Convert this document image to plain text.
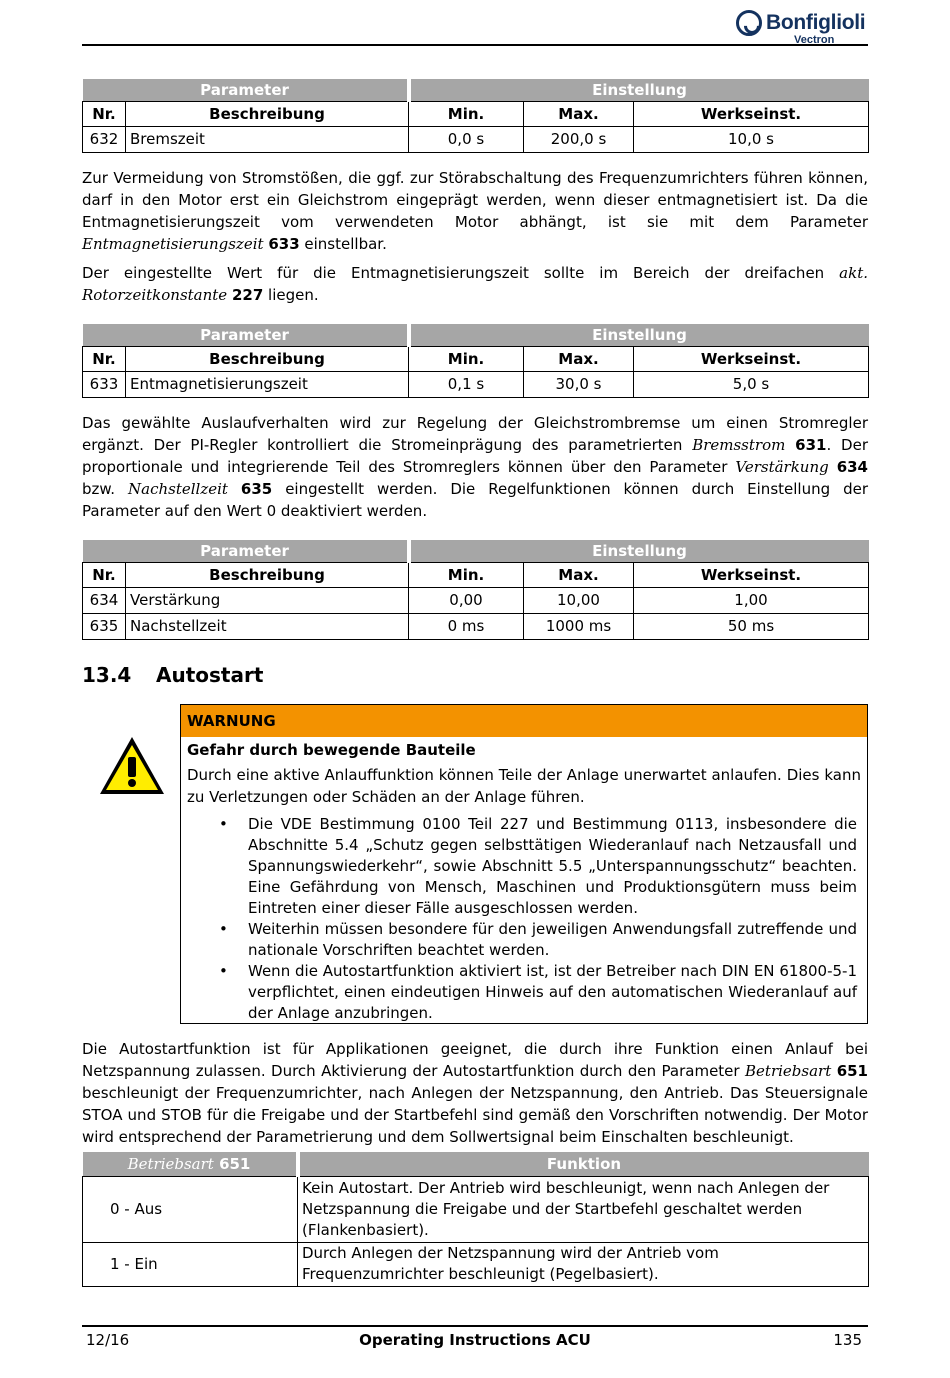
Bonfiglioli
Vectron
Parameter		Einstellung		
Nr.	Beschreibung	Min.	Max.	Werkseinst.
632	Bremszeit	0,0 s	200,0 s	10,0 s

Zur Vermeidung von Stromstößen, die ggf. zur Störabschaltung des Frequenzumrichters führen können, darf in den Motor erst ein Gleichstrom eingeprägt werden, wenn dieser entmagnetisiert ist. Da die Entmagnetisierungszeit vom verwendeten Motor abhängt, ist sie mit dem Parameter Entmagnetisierungszeit 633 einstellbar.

Der eingestellte Wert für die Entmagnetisierungszeit sollte im Bereich der dreifachen akt. Rotorzeitkonstante 227 liegen.

Parameter		Einstellung		
Nr.	Beschreibung	Min.	Max.	Werkseinst.
633	Entmagnetisierungszeit	0,1 s	30,0 s	5,0 s

Das gewählte Auslaufverhalten wird zur Regelung der Gleichstrombremse um einen Stromregler ergänzt. Der PI-Regler kontrolliert die Stromeinprägung des parametrierten Bremsstrom 631. Der proportionale und integrierende Teil des Stromreglers können über den Parameter Verstärkung 634 bzw. Nachstellzeit 635 eingestellt werden. Die Regelfunktionen können durch Einstellung der Parameter auf den Wert 0 deaktiviert werden.

Parameter		Einstellung		
Nr.	Beschreibung	Min.	Max.	Werkseinst.
634	Verstärkung	0,00	10,00	1,00
635	Nachstellzeit	0 ms	1000 ms	50 ms
13.4 Autostart
WARNUNG
Gefahr durch bewegende Bauteile
Durch eine aktive Anlauffunktion können Teile der Anlage unerwartet anlaufen. Dies kann zu Verletzungen oder Schäden an der Anlage führen.
• Die VDE Bestimmung 0100 Teil 227 und Bestimmung 0113, insbesondere die Abschnitte 5.4 „Schutz gegen selbsttätigen Wiederanlauf nach Netzausfall und Spannungswiederkehr“, sowie Abschnitt 5.5 „Unterspannungsschutz“ beachten. Eine Gefährdung von Mensch, Maschinen und Produktionsgütern muss beim Eintreten einer dieser Fälle ausgeschlossen werden.
• Weiterhin müssen besondere für den jeweiligen Anwendungsfall zutreffende und nationale Vorschriften beachtet werden.
• Wenn die Autostartfunktion aktiviert ist, ist der Betreiber nach DIN EN 61800-5-1 verpflichtet, einen eindeutigen Hinweis auf den automatischen Wiederanlauf auf der Anlage anzubringen.

Die Autostartfunktion ist für Applikationen geeignet, die durch ihre Funktion einen Anlauf bei Netzspannung zulassen. Durch Aktivierung der Autostartfunktion durch den Parameter Betriebsart 651 beschleunigt der Frequenzumrichter, nach Anlegen der Netzspannung, den Antrieb. Das Steuersignale STOA und STOB für die Freigabe und der Startbefehl sind gemäß den Vorschriften notwendig. Der Motor wird entsprechend der Parametrierung und dem Sollwertsignal beim Einschalten beschleunigt.

Betriebsart 651	Funktion
0 - Aus	Kein Autostart. Der Antrieb wird beschleunigt, wenn nach Anlegen der Netzspannung die Freigabe und der Startbefehl geschaltet werden (Flankenbasiert).
1 - Ein	Durch Anlegen der Netzspannung wird der Antrieb vom Frequenzumrichter beschleunigt (Pegelbasiert).
12/16	Operating Instructions ACU	135
